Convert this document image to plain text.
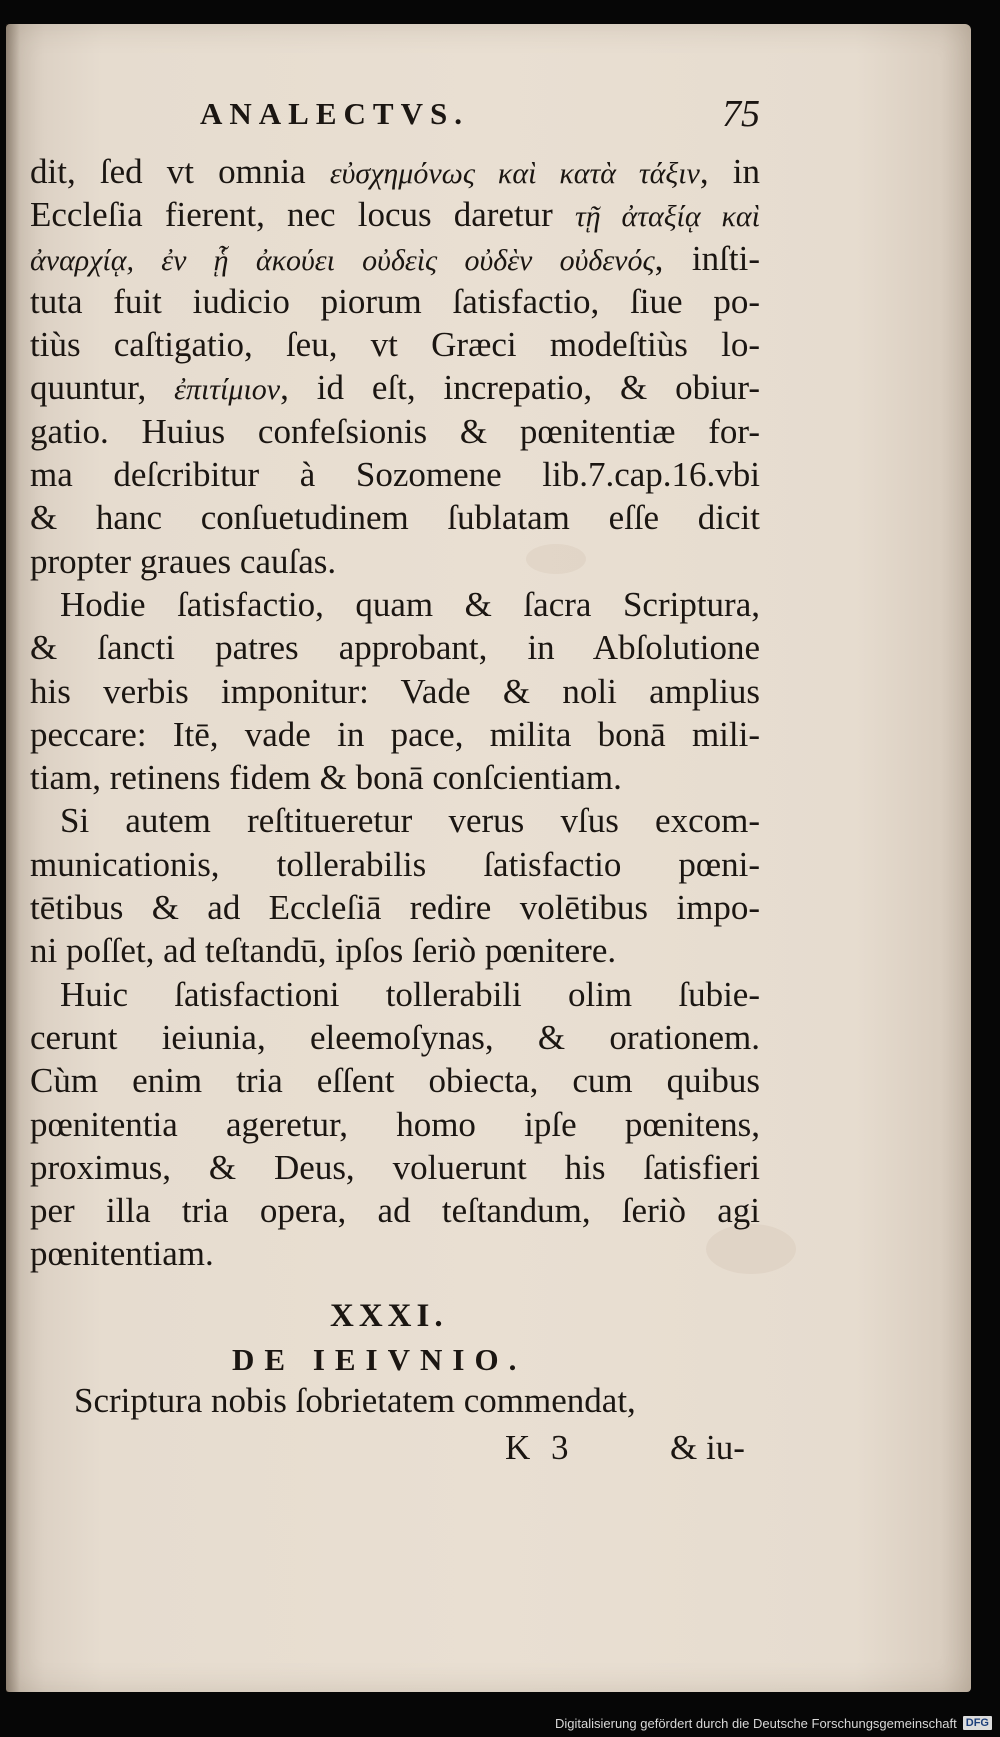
ANALECTVS.	75
dit, ſed vt omnia εὐσχημόνως καὶ κατὰ τάξιν, in
Eccleſia fierent, nec locus daretur τῇ ἀταξίᾳ καὶ
ἀναρχίᾳ, ἐν ᾗ ἀκούει οὐδεὶς οὐδὲν οὐδενός, inſti-
tuta fuit iudicio piorum ſatisfactio, ſiue po-
tiùs caſtigatio, ſeu, vt Græci modeſtiùs lo-
quuntur, ἐπιτίμιον, id eſt, increpatio, & obiur-
gatio. Huius confeſsionis & pœnitentiæ for-
ma deſcribitur à Sozomene lib.7.cap.16.vbi
& hanc conſuetudinem ſublatam eſſe dicit
propter graues cauſas.
Hodie ſatisfactio, quam & ſacra Scriptura,
& ſancti patres approbant, in Abſolutione
his verbis imponitur: Vade & noli amplius
peccare: Itē, vade in pace, milita bonā mili-
tiam, retinens fidem & bonā conſcientiam.
Si autem reſtitueretur verus vſus excom-
municationis, tollerabilis ſatisfactio pœni-
tētibus & ad Eccleſiā redire volētibus impo-
ni poſſet, ad teſtandū, ipſos ſeriò pœnitere.
Huic ſatisfactioni tollerabili olim ſubie-
cerunt ieiunia, eleemoſynas, & orationem.
Cùm enim tria eſſent obiecta, cum quibus
pœnitentia ageretur, homo ipſe pœnitens,
proximus, & Deus, voluerunt his ſatisfieri
per illa tria opera, ad teſtandum, ſeriò agi
pœnitentiam.
XXXI.
DE IEIVNIO.
Scriptura nobis ſobrietatem commendat,
K 3	& iu-
Digitalisierung gefördert durch die Deutsche Forschungsgemeinschaft DFG
